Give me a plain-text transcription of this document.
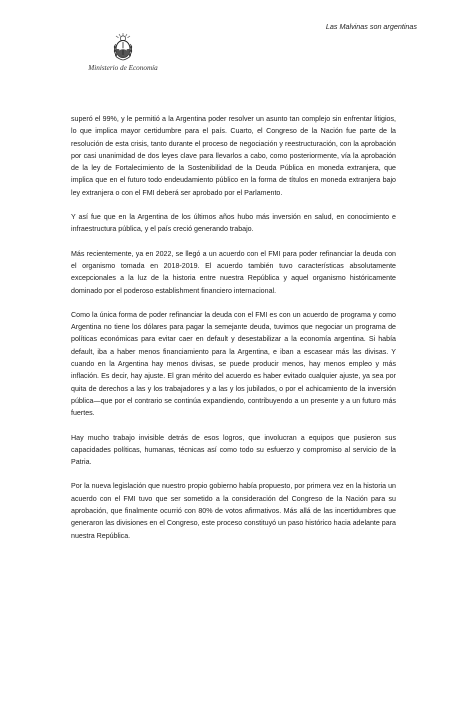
Las Malvinas son argentinas
Ministerio de Economía

superó el 99%, y le permitió a la Argentina poder resolver un asunto tan complejo sin enfrentar litigios, lo que implica mayor certidumbre para el país. Cuarto, el Congreso de la Nación fue parte de la resolución de esta crisis, tanto durante el proceso de negociación y reestructuración, con la aprobación por casi unanimidad de dos leyes clave para llevarlos a cabo, como posteriormente, vía la aprobación de la ley de Fortalecimiento de la Sostenibilidad de la Deuda Pública en moneda extranjera, que implica que en el futuro todo endeudamiento público en la forma de títulos en moneda extranjera bajo ley extranjera o con el FMI deberá ser aprobado por el Parlamento.

Y así fue que en la Argentina de los últimos años hubo más inversión en salud, en conocimiento e infraestructura pública, y el país creció generando trabajo.

Más recientemente, ya en 2022, se llegó a un acuerdo con el FMI para poder refinanciar la deuda con el organismo tomada en 2018-2019. El acuerdo también tuvo características absolutamente excepcionales a la luz de la historia entre nuestra República y aquel organismo históricamente dominado por el poderoso establishment financiero internacional.

Como la única forma de poder refinanciar la deuda con el FMI es con un acuerdo de programa y como Argentina no tiene los dólares para pagar la semejante deuda, tuvimos que negociar un programa de políticas económicas para evitar caer en default y desestabilizar a la economía argentina. Si había default, iba a haber menos financiamiento para la Argentina, e iban a escasear más las divisas. Y cuando en la Argentina hay menos divisas, se puede producir menos, hay menos empleo y más inflación. Es decir, hay ajuste. El gran mérito del acuerdo es haber evitado cualquier ajuste, ya sea por quita de derechos a las y los trabajadores y a las y los jubilados, o por el achicamiento de la inversión pública—que por el contrario se continúa expandiendo, contribuyendo a un presente y a un futuro más fuertes.

Hay mucho trabajo invisible detrás de esos logros, que involucran a equipos que pusieron sus capacidades políticas, humanas, técnicas así como todo su esfuerzo y compromiso al servicio de la Patria.

Por la nueva legislación que nuestro propio gobierno había propuesto, por primera vez en la historia un acuerdo con el FMI tuvo que ser sometido a la consideración del Congreso de la Nación para su aprobación, que finalmente ocurrió con 80% de votos afirmativos. Más allá de las incertidumbres que generaron las divisiones en el Congreso, este proceso constituyó un paso histórico hacia adelante para nuestra República.
